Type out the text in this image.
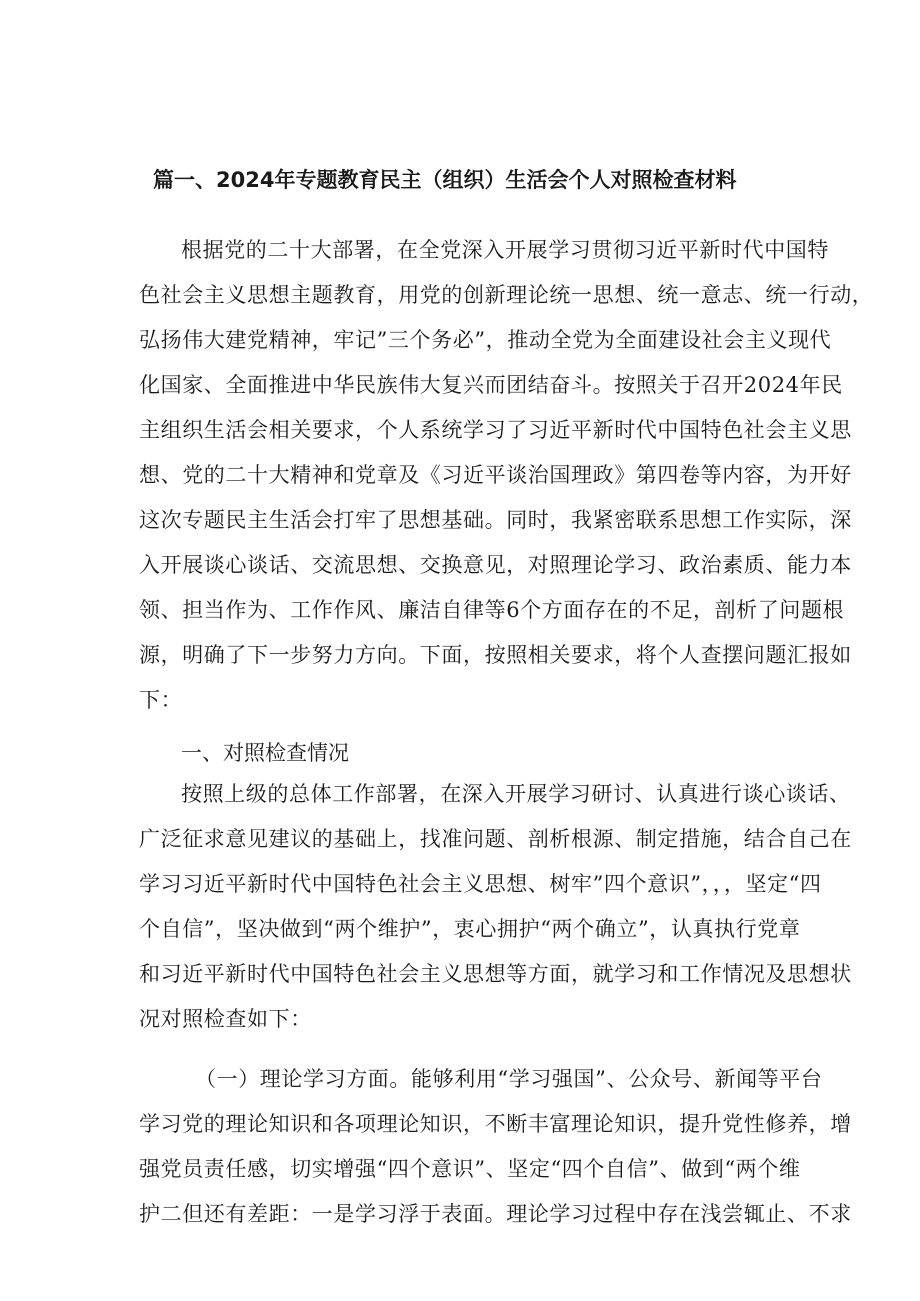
篇一、2024年专题教育民主（组织）生活会个人对照检查材料
根据党的二十大部署，在全党深入开展学习贯彻习近平新时代中国特
色社会主义思想主题教育，用党的创新理论统一思想、统一意志、统一行动，
弘扬伟大建党精神，牢记”三个务必”，推动全党为全面建设社会主义现代
化国家、全面推进中华民族伟大复兴而团结奋斗。按照关于召开2024年民
主组织生活会相关要求，个人系统学习了习近平新时代中国特色社会主义思
想、党的二十大精神和党章及《习近平谈治国理政》第四卷等内容，为开好
这次专题民主生活会打牢了思想基础。同时，我紧密联系思想工作实际，深
入开展谈心谈话、交流思想、交换意见，对照理论学习、政治素质、能力本
领、担当作为、工作作风、廉洁自律等6个方面存在的不足，剖析了问题根
源，明确了下一步努力方向。下面，按照相关要求，将个人查摆问题汇报如
下：
一、对照检查情况
按照上级的总体工作部署，在深入开展学习研讨、认真进行谈心谈话、
广泛征求意见建议的基础上，找准问题、剖析根源、制定措施，结合自己在
学习习近平新时代中国特色社会主义思想、树牢”四个意识”，，，坚定“四
个自信”，坚决做到“两个维护”，衷心拥护“两个确立”，认真执行党章
和习近平新时代中国特色社会主义思想等方面，就学习和工作情况及思想状
况对照检查如下：
（一）理论学习方面。能够利用“学习强国”、公众号、新闻等平台
学习党的理论知识和各项理论知识，不断丰富理论知识，提升党性修养，增
强党员责任感，切实增强“四个意识”、坚定“四个自信”、做到“两个维
护二但还有差距：一是学习浮于表面。理论学习过程中存在浅尝辄止、不求
